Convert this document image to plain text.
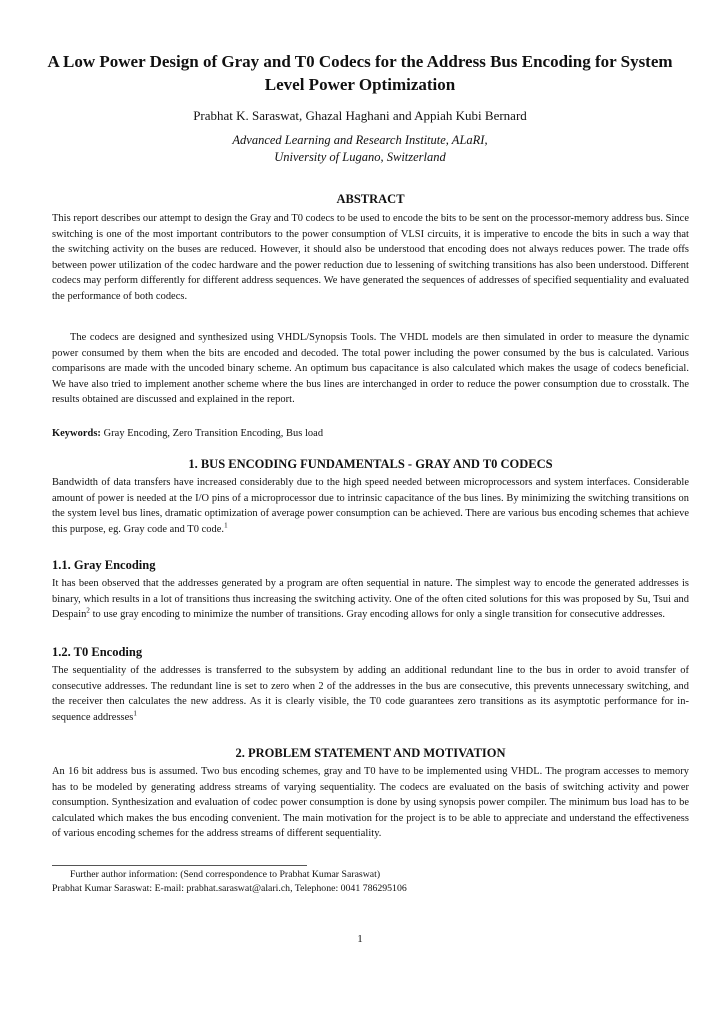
A Low Power Design of Gray and T0 Codecs for the Address Bus Encoding for System Level Power Optimization
Prabhat K. Saraswat, Ghazal Haghani and Appiah Kubi Bernard
Advanced Learning and Research Institute, ALaRI,
University of Lugano, Switzerland
ABSTRACT

This report describes our attempt to design the Gray and T0 codecs to be used to encode the bits to be sent on the processor-memory address bus. Since switching is one of the most important contributors to the power consumption of VLSI circuits, it is imperative to encode the bits in such a way that the switching activity on the buses are reduced. However, it should also be understood that encoding does not always reduces power. The trade offs between power utilization of the codec hardware and the power reduction due to lessening of switching transitions has also been understood. Different codecs may perform differently for different address sequences. We have generated the sequences of addresses of specified sequentiality and evaluated the performance of both codecs.

The codecs are designed and synthesized using VHDL/Synopsis Tools. The VHDL models are then simulated in order to measure the dynamic power consumed by them when the bits are encoded and decoded. The total power including the power consumed by the bus is calculated. Various comparisons are made with the uncoded binary scheme. An optimum bus capacitance is also calculated which makes the usage of codecs beneficial. We have also tried to implement another scheme where the bus lines are interchanged in order to reduce the power consumption due to crosstalk. The results obtained are discussed and explained in the report.

Keywords: Gray Encoding, Zero Transition Encoding, Bus load

1. BUS ENCODING FUNDAMENTALS - GRAY AND T0 CODECS

Bandwidth of data transfers have increased considerably due to the high speed needed between microprocessors and system interfaces. Considerable amount of power is needed at the I/O pins of a microprocessor due to intrinsic capacitance of the bus lines. By minimizing the switching transitions on the system level bus lines, dramatic optimization of average power consumption can be achieved. There are various bus encoding schemes that achieve this purpose, eg. Gray code and T0 code.$^1$

1.1. Gray Encoding

It has been observed that the addresses generated by a program are often sequential in nature. The simplest way to encode the generated addresses is binary, which results in a lot of transitions thus increasing the switching activity. One of the often cited solutions for this was proposed by Su, Tsui and Despain$^2$ to use gray encoding to minimize the number of transitions. Gray encoding allows for only a single transition for consecutive addresses.

1.2. T0 Encoding

The sequentiality of the addresses is transferred to the subsystem by adding an additional redundant line to the bus in order to avoid transfer of consecutive addresses. The redundant line is set to zero when 2 of the addresses in the bus are consecutive, this prevents unnecessary switching, and the receiver then calculates the new address. As it is clearly visible, the T0 code guarantees zero transitions as its asymptotic performance for in-sequence addresses$^1$

2. PROBLEM STATEMENT AND MOTIVATION

An 16 bit address bus is assumed. Two bus encoding schemes, gray and T0 have to be implemented using VHDL. The program accesses to memory has to be modeled by generating address streams of varying sequentiality. The codecs are evaluated on the basis of switching activity and power consumption. Synthesization and evaluation of codec power consumption is done by using synopsis power compiler. The minimum bus load has to be calculated which makes the bus encoding convenient. The main motivation for the project is to be able to appreciate and understand the effectiveness of various encoding schemes for the address streams of different sequentiality.

Further author information: (Send correspondence to Prabhat Kumar Saraswat)

Prabhat Kumar Saraswat: E-mail: prabhat.saraswat@alari.ch, Telephone: 0041 786295106

1
